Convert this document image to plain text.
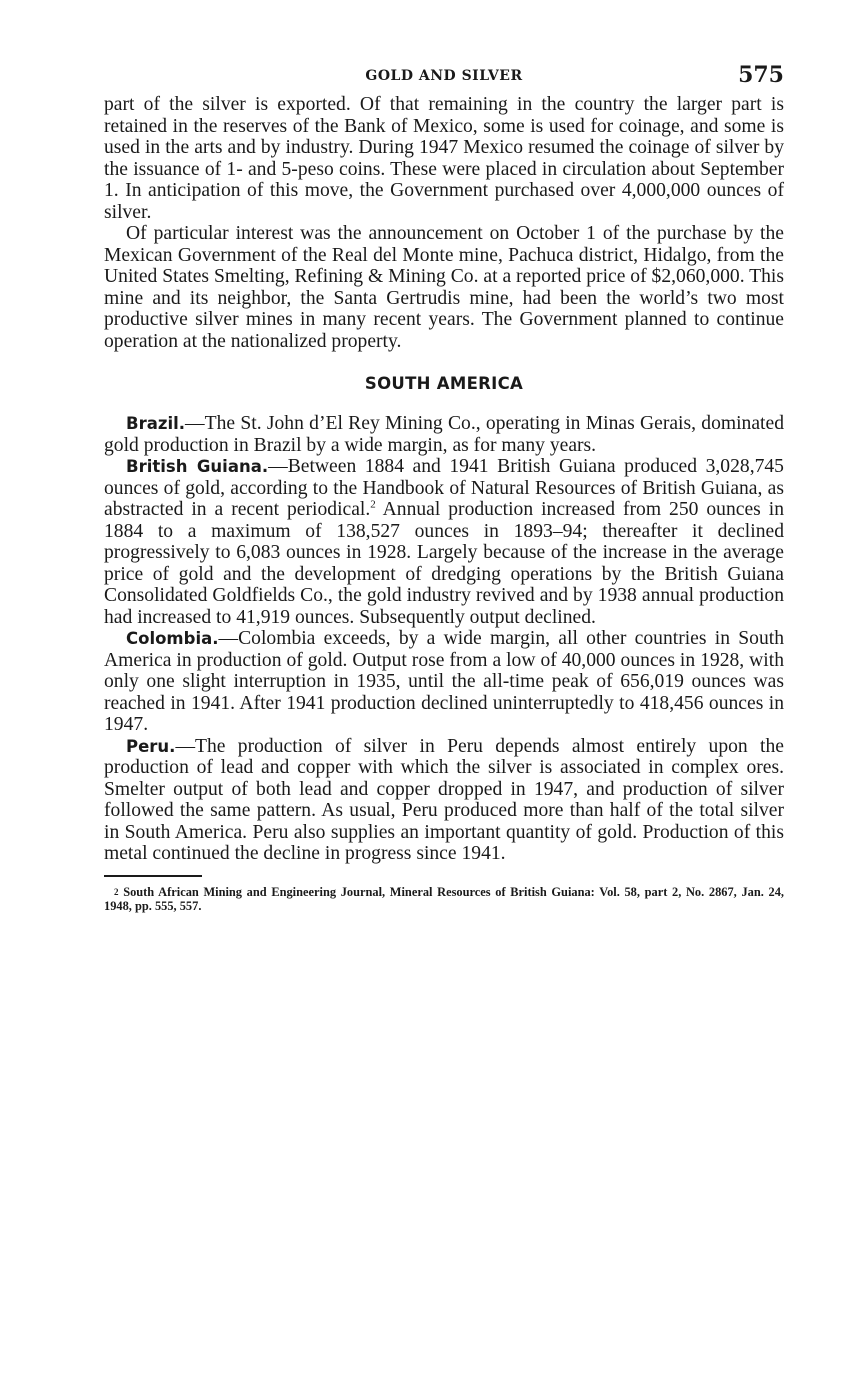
GOLD AND SILVER	575

part of the silver is exported. Of that remaining in the country the larger part is retained in the reserves of the Bank of Mexico, some is used for coinage, and some is used in the arts and by industry. During 1947 Mexico resumed the coinage of silver by the issuance of 1- and 5-peso coins. These were placed in circulation about September 1. In anticipation of this move, the Government purchased over 4,000,000 ounces of silver.

Of particular interest was the announcement on October 1 of the purchase by the Mexican Government of the Real del Monte mine, Pachuca district, Hidalgo, from the United States Smelting, Refining & Mining Co. at a reported price of $2,060,000. This mine and its neighbor, the Santa Gertrudis mine, had been the world’s two most productive silver mines in many recent years. The Government planned to continue operation at the nationalized property.

SOUTH AMERICA

Brazil.—The St. John d’El Rey Mining Co., operating in Minas Gerais, dominated gold production in Brazil by a wide margin, as for many years.

British Guiana.—Between 1884 and 1941 British Guiana produced 3,028,745 ounces of gold, according to the Handbook of Natural Resources of British Guiana, as abstracted in a recent periodical.$^2$ Annual production increased from 250 ounces in 1884 to a maximum of 138,527 ounces in 1893–94; thereafter it declined progressively to 6,083 ounces in 1928. Largely because of the increase in the average price of gold and the development of dredging operations by the British Guiana Consolidated Goldfields Co., the gold industry revived and by 1938 annual production had increased to 41,919 ounces. Subsequently output declined.

Colombia.—Colombia exceeds, by a wide margin, all other countries in South America in production of gold. Output rose from a low of 40,000 ounces in 1928, with only one slight interruption in 1935, until the all-time peak of 656,019 ounces was reached in 1941. After 1941 production declined uninterruptedly to 418,456 ounces in 1947.

Peru.—The production of silver in Peru depends almost entirely upon the production of lead and copper with which the silver is associated in complex ores. Smelter output of both lead and copper dropped in 1947, and production of silver followed the same pattern. As usual, Peru produced more than half of the total silver in South America. Peru also supplies an important quantity of gold. Production of this metal continued the decline in progress since 1941.

$^2$ South African Mining and Engineering Journal, Mineral Resources of British Guiana: Vol. 58, part 2, No. 2867, Jan. 24, 1948, pp. 555, 557.
